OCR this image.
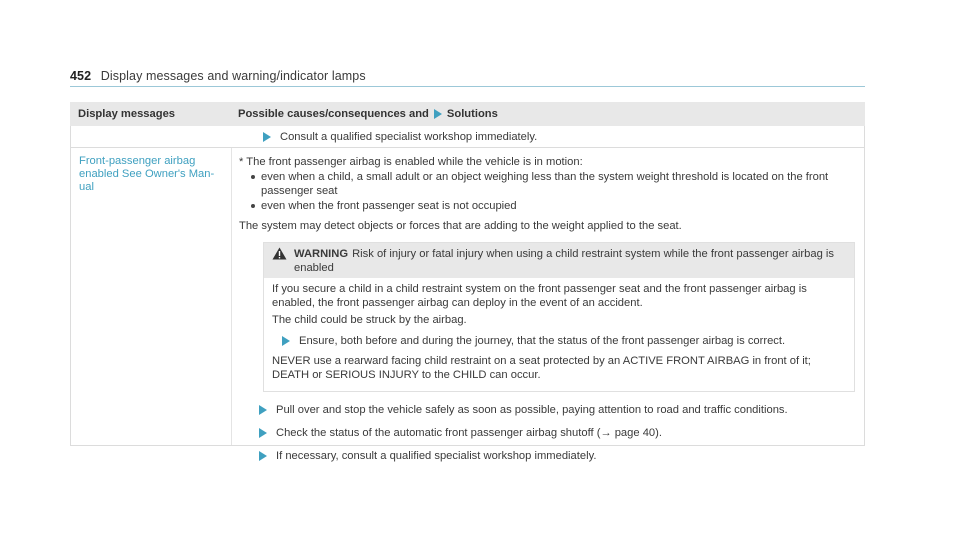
452 Display messages and warning/indicator lamps
Display messages	Possible causes/consequences and Solutions
Consult a qualified specialist workshop immediately.
Front-passenger airbag enabled See Owner's Man- ual
* The front passenger airbag is enabled while the vehicle is in motion:
even when a child, a small adult or an object weighing less than the system weight threshold is located on the front passenger seat
even when the front passenger seat is not occupied
The system may detect objects or forces that are adding to the weight applied to the seat.
WARNING Risk of injury or fatal injury when using a child restraint system while the front passenger airbag is enabled

If you secure a child in a child restraint system on the front passenger seat and the front passenger airbag is enabled, the front passenger airbag can deploy in the event of an accident.

The child could be struck by the airbag.

Ensure, both before and during the journey, that the status of the front passenger airbag is correct.

NEVER use a rearward facing child restraint on a seat protected by an ACTIVE FRONT AIRBAG in front of it; DEATH or SERIOUS INJURY to the CHILD can occur.

Pull over and stop the vehicle safely as soon as possible, paying attention to road and traffic conditions.
Check the status of the automatic front passenger airbag shutoff (→ page 40).
If necessary, consult a qualified specialist workshop immediately.
